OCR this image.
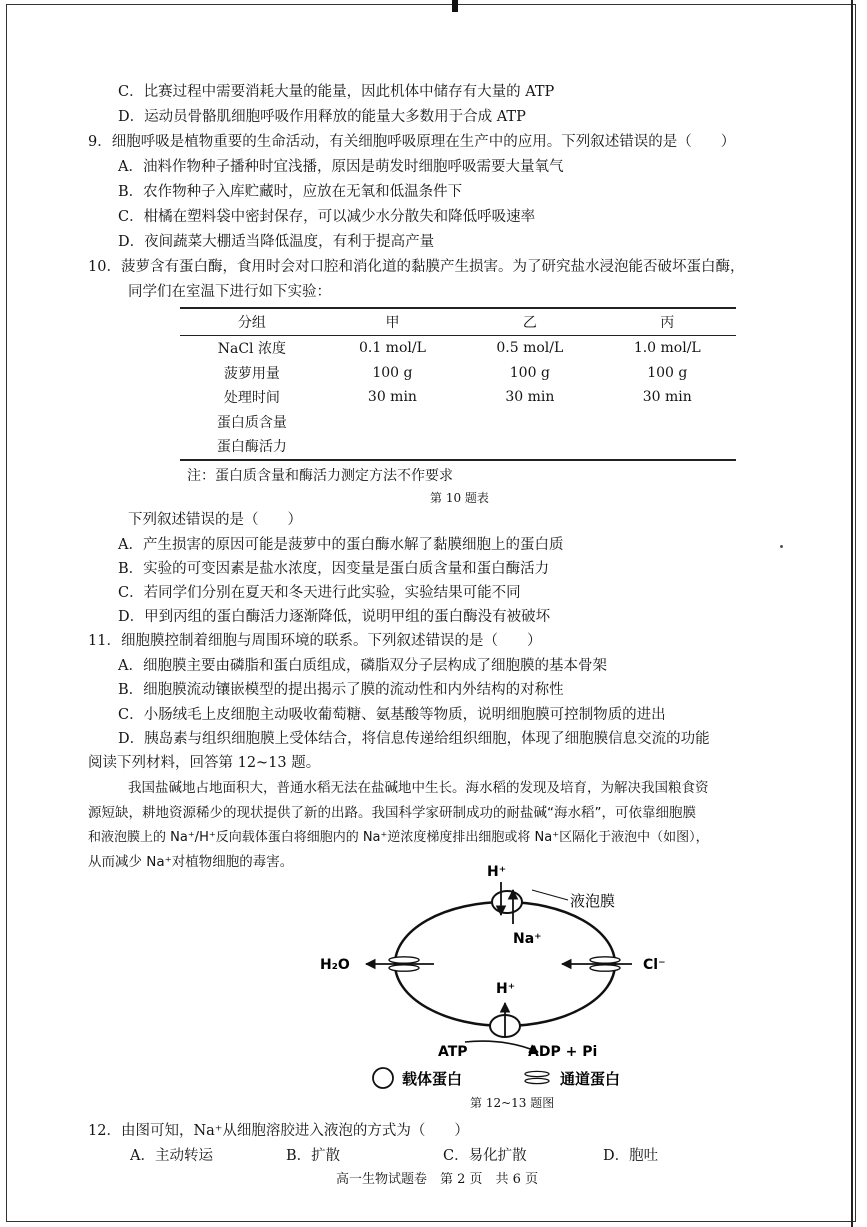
C．比赛过程中需要消耗大量的能量，因此机体中储存有大量的 ATP
D．运动员骨骼肌细胞呼吸作用释放的能量大多数用于合成 ATP
9．细胞呼吸是植物重要的生命活动，有关细胞呼吸原理在生产中的应用。下列叙述错误的是（　　）
A．油料作物种子播种时宜浅播，原因是萌发时细胞呼吸需要大量氧气
B．农作物种子入库贮藏时，应放在无氧和低温条件下
C．柑橘在塑料袋中密封保存，可以减少水分散失和降低呼吸速率
D．夜间蔬菜大棚适当降低温度，有利于提高产量
10．菠萝含有蛋白酶，食用时会对口腔和消化道的黏膜产生损害。为了研究盐水浸泡能否破坏蛋白酶，
同学们在室温下进行如下实验：
分组	甲	乙	丙
NaCl 浓度	0.1 mol/L	0.5 mol/L	1.0 mol/L
菠萝用量	100 g	100 g	100 g
处理时间	30 min	30 min	30 min
蛋白质含量			
蛋白酶活力			
注：蛋白质含量和酶活力测定方法不作要求
第 10 题表
下列叙述错误的是（　　）
A．产生损害的原因可能是菠萝中的蛋白酶水解了黏膜细胞上的蛋白质
B．实验的可变因素是盐水浓度，因变量是蛋白质含量和蛋白酶活力
C．若同学们分别在夏天和冬天进行此实验，实验结果可能不同
D．甲到丙组的蛋白酶活力逐渐降低，说明甲组的蛋白酶没有被破坏
11．细胞膜控制着细胞与周围环境的联系。下列叙述错误的是（　　）
A．细胞膜主要由磷脂和蛋白质组成，磷脂双分子层构成了细胞膜的基本骨架
B．细胞膜流动镶嵌模型的提出揭示了膜的流动性和内外结构的对称性
C．小肠绒毛上皮细胞主动吸收葡萄糖、氨基酸等物质，说明细胞膜可控制物质的进出
D．胰岛素与组织细胞膜上受体结合，将信息传递给组织细胞，体现了细胞膜信息交流的功能
阅读下列材料，回答第 12~13 题。
我国盐碱地占地面积大，普通水稻无法在盐碱地中生长。海水稻的发现及培育，为解决我国粮食资
源短缺，耕地资源稀少的现状提供了新的出路。我国科学家研制成功的耐盐碱“海水稻”，可依靠细胞膜
和液泡膜上的 Na⁺/H⁺反向载体蛋白将细胞内的 Na⁺逆浓度梯度排出细胞或将 Na⁺区隔化于液泡中（如图），
从而减少 Na⁺对植物细胞的毒害。
H⁺
Na⁺
液泡膜
H₂O	Cl⁻
H⁺
ATP	ADP + Pi
载体蛋白	通道蛋白
第 12~13 题图
12．由图可知，Na⁺从细胞溶胶进入液泡的方式为（　　）
A．主动转运	B．扩散	C．易化扩散	D．胞吐
高一生物试题卷　第 2 页　共 6 页
